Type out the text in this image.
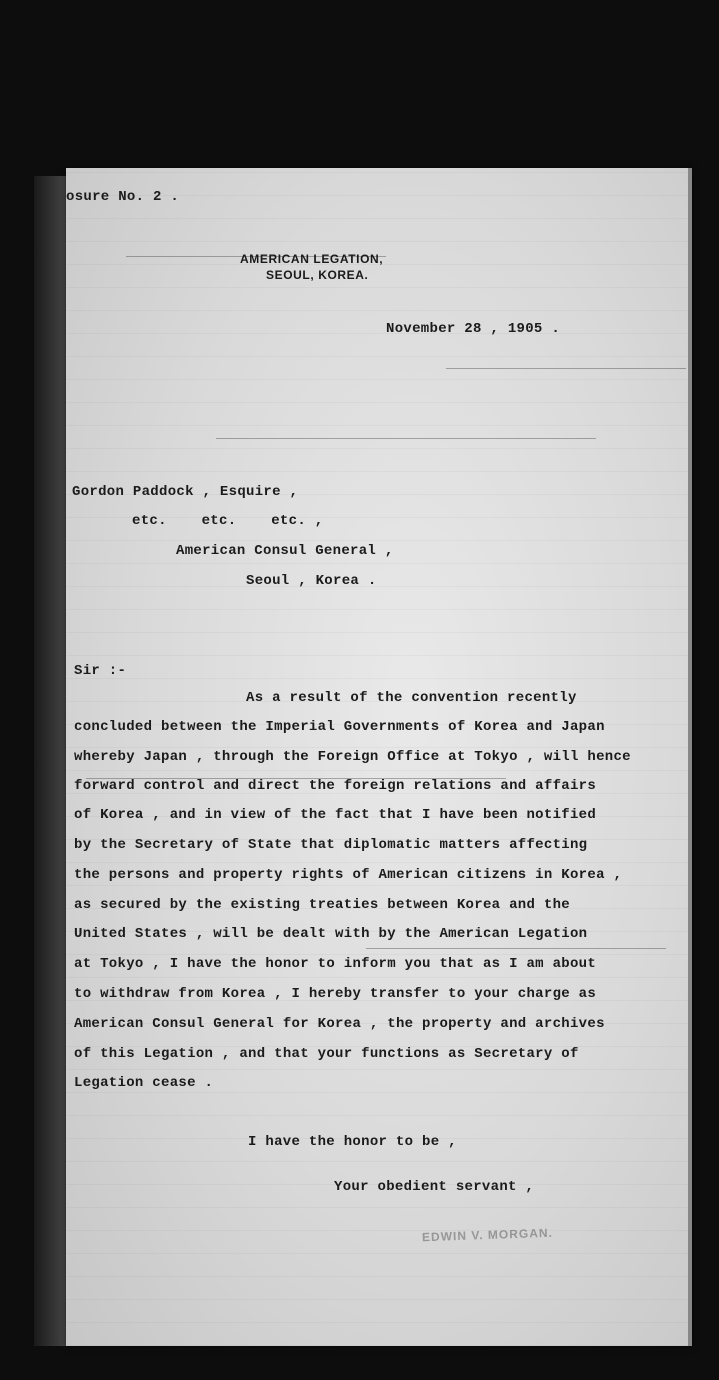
osure No. 2 .
AMERICAN LEGATION,
SEOUL, KOREA.
November 28 , 1905 .
Gordon Paddock , Esquire ,
etc.    etc.    etc. ,
American Consul General ,
Seoul , Korea .
Sir :-
As a result of the convention recently
concluded between the Imperial Governments of Korea and Japan
whereby Japan , through the Foreign Office at Tokyo , will hence
forward control and direct the foreign relations and affairs
of Korea , and in view of the fact that I have been notified
by the Secretary of State that diplomatic matters affecting
the persons and property rights of American citizens in Korea ,
as secured by the existing treaties between Korea and the
United States , will be dealt with by the American Legation
at Tokyo , I have the honor to inform you that as I am about
to withdraw from Korea , I hereby transfer to your charge as
American Consul General for Korea , the property and archives
of this Legation , and that your functions as Secretary of
Legation cease .
I have the honor to be ,
Your obedient servant ,
EDWIN V. MORGAN.
